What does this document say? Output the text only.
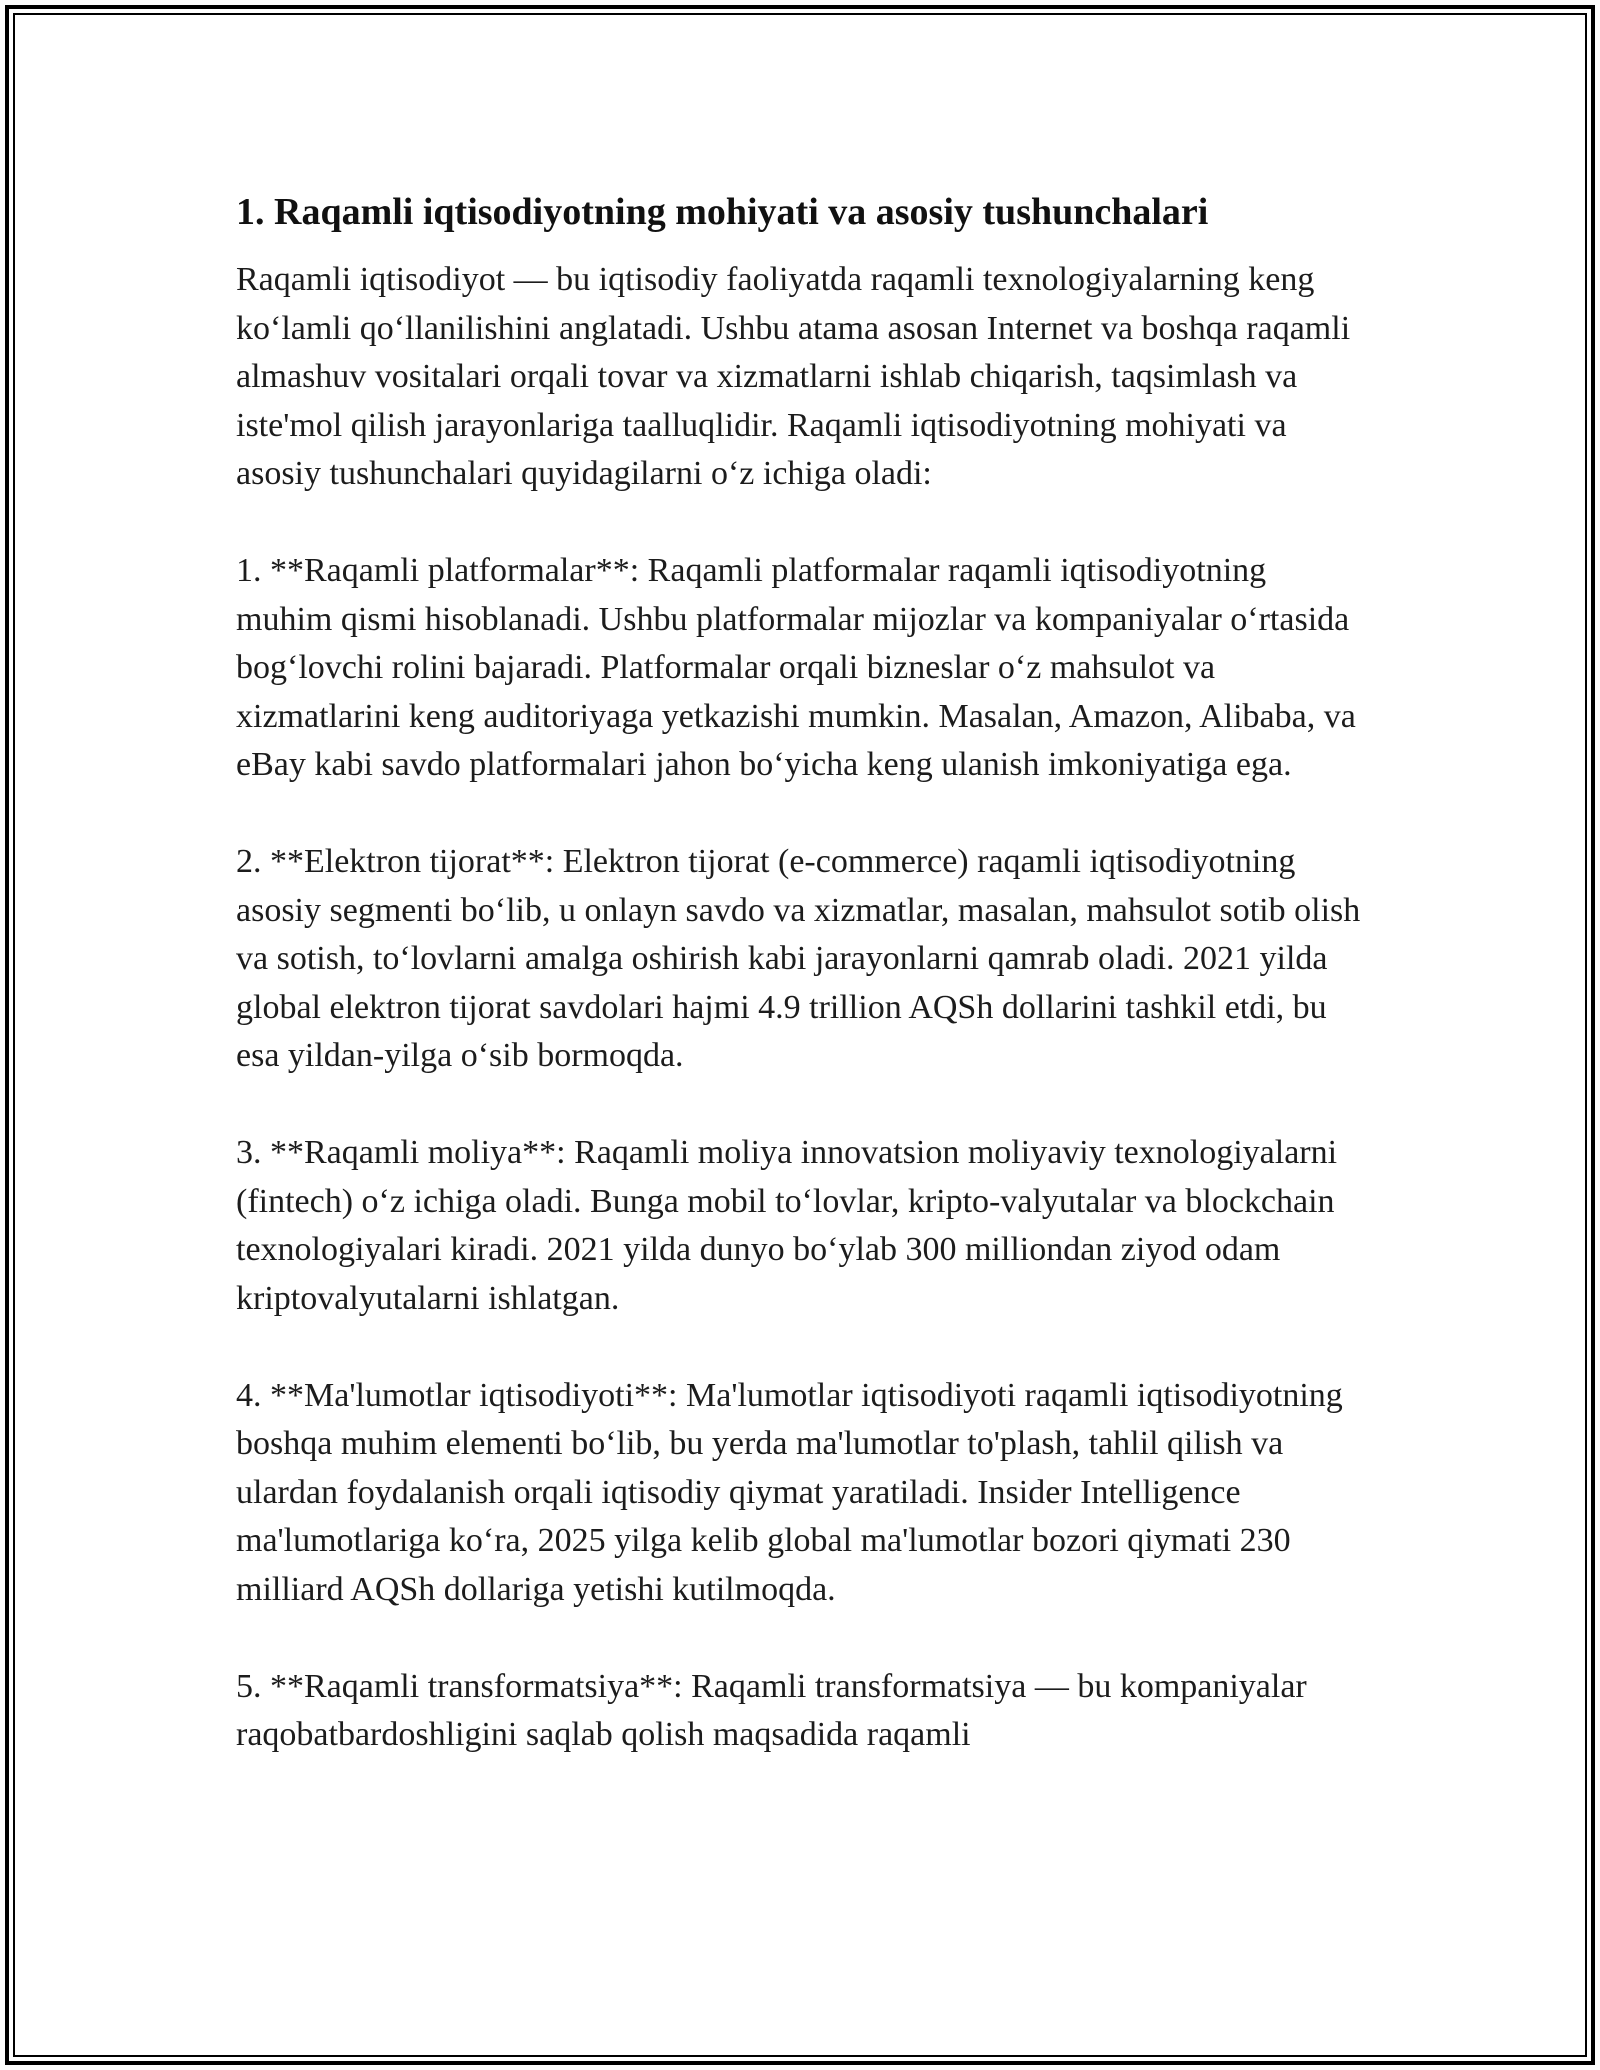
1. Raqamli iqtisodiyotning mohiyati va asosiy tushunchalari

Raqamli iqtisodiyot — bu iqtisodiy faoliyatda raqamli texnologiyalarning keng koʻlamli qoʻllanilishini anglatadi. Ushbu atama asosan Internet va boshqa raqamli almashuv vositalari orqali tovar va xizmatlarni ishlab chiqarish, taqsimlash va iste'mol qilish jarayonlariga taalluqlidir. Raqamli iqtisodiyotning mohiyati va asosiy tushunchalari quyidagilarni oʻz ichiga oladi:

1. **Raqamli platformalar**: Raqamli platformalar raqamli iqtisodiyotning muhim qismi hisoblanadi. Ushbu platformalar mijozlar va kompaniyalar oʻrtasida bogʻlovchi rolini bajaradi. Platformalar orqali bizneslar oʻz mahsulot va xizmatlarini keng auditoriyaga yetkazishi mumkin. Masalan, Amazon, Alibaba, va eBay kabi savdo platformalari jahon boʻyicha keng ulanish imkoniyatiga ega.

2. **Elektron tijorat**: Elektron tijorat (e-commerce) raqamli iqtisodiyotning asosiy segmenti boʻlib, u onlayn savdo va xizmatlar, masalan, mahsulot sotib olish va sotish, toʻlovlarni amalga oshirish kabi jarayonlarni qamrab oladi. 2021 yilda global elektron tijorat savdolari hajmi 4.9 trillion AQSh dollarini tashkil etdi, bu esa yildan-yilga oʻsib bormoqda.

3. **Raqamli moliya**: Raqamli moliya innovatsion moliyaviy texnologiyalarni (fintech) oʻz ichiga oladi. Bunga mobil toʻlovlar, kripto-valyutalar va blockchain texnologiyalari kiradi. 2021 yilda dunyo boʻylab 300 milliondan ziyod odam kriptovalyutalarni ishlatgan.

4. **Ma'lumotlar iqtisodiyoti**: Ma'lumotlar iqtisodiyoti raqamli iqtisodiyotning boshqa muhim elementi boʻlib, bu yerda ma'lumotlar to'plash, tahlil qilish va ulardan foydalanish orqali iqtisodiy qiymat yaratiladi. Insider Intelligence ma'lumotlariga koʻra, 2025 yilga kelib global ma'lumotlar bozori qiymati 230 milliard AQSh dollariga yetishi kutilmoqda.

5. **Raqamli transformatsiya**: Raqamli transformatsiya — bu kompaniyalar raqobatbardoshligini saqlab qolish maqsadida raqamli
